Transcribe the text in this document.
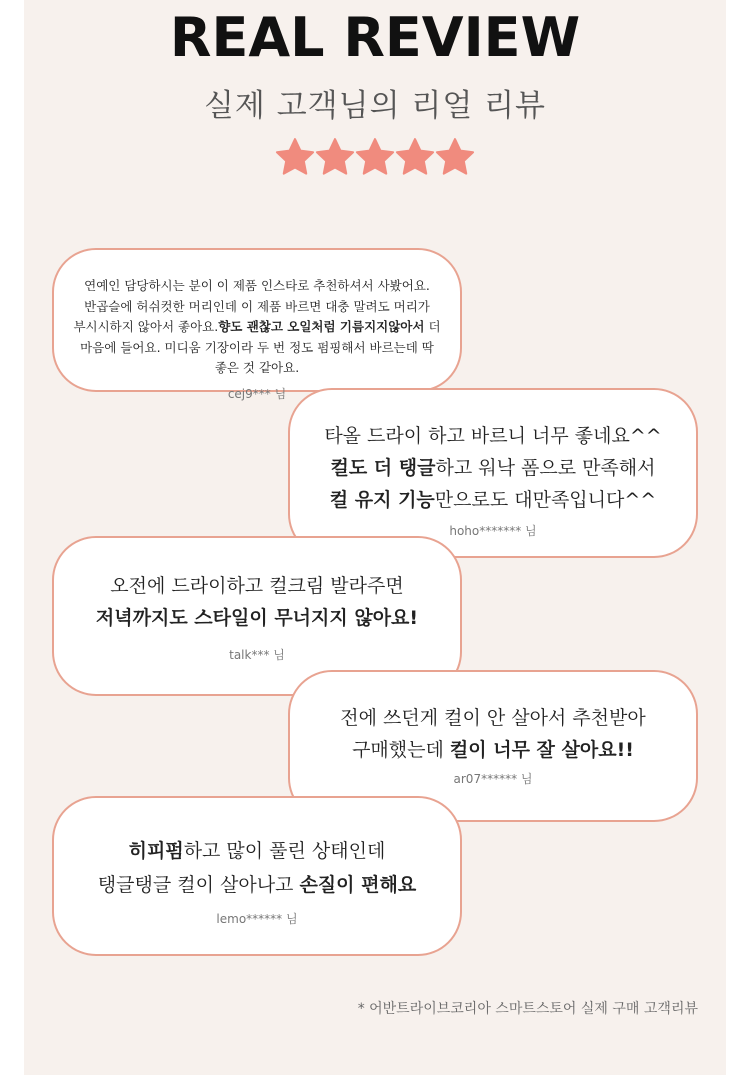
REAL REVIEW
실제 고객님의 리얼 리뷰
연예인 담당하시는 분이 이 제품 인스타로 추천하셔서 사봤어요.
반곱슬에 허쉬컷한 머리인데 이 제품 바르면 대충 말려도 머리가
부시시하지 않아서 좋아요.향도 괜찮고 오일처럼 기름지지않아서 더
마음에 들어요. 미디움 기장이라 두 번 정도 펌핑해서 바르는데 딱
좋은 것 같아요.
cej9*** 님
타올 드라이 하고 바르니 너무 좋네요^^
컬도 더 탱글하고 워낙 폼으로 만족해서
컬 유지 기능만으로도 대만족입니다^^
hoho******* 님
오전에 드라이하고 컬크림 발라주면
저녁까지도 스타일이 무너지지 않아요!
talk*** 님
전에 쓰던게 컬이 안 살아서 추천받아
구매했는데 컬이 너무 잘 살아요!!
ar07****** 님
히피펌하고 많이 풀린 상태인데
탱글탱글 컬이 살아나고 손질이 편해요
lemo****** 님
* 어반트라이브코리아 스마트스토어 실제 구매 고객리뷰
